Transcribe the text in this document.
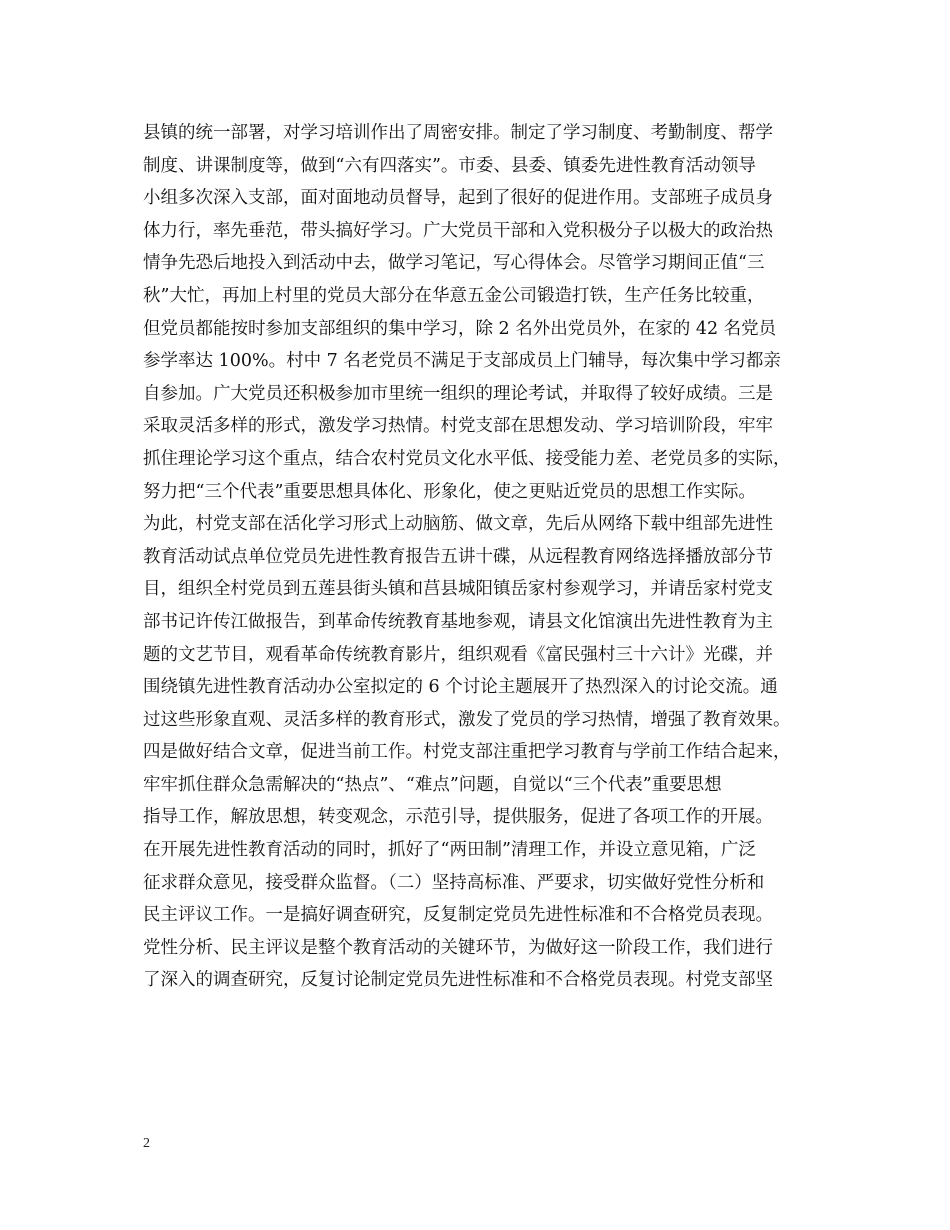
县镇的统一部署，对学习培训作出了周密安排。制定了学习制度、考勤制度、帮学
制度、讲课制度等，做到“六有四落实”。市委、县委、镇委先进性教育活动领导
小组多次深入支部，面对面地动员督导，起到了很好的促进作用。支部班子成员身
体力行，率先垂范，带头搞好学习。广大党员干部和入党积极分子以极大的政治热
情争先恐后地投入到活动中去，做学习笔记，写心得体会。尽管学习期间正值“三
秋”大忙，再加上村里的党员大部分在华意五金公司锻造打铁，生产任务比较重，
但党员都能按时参加支部组织的集中学习，除 2 名外出党员外，在家的 42 名党员
参学率达 100%。村中 7 名老党员不满足于支部成员上门辅导，每次集中学习都亲
自参加。广大党员还积极参加市里统一组织的理论考试，并取得了较好成绩。三是
采取灵活多样的形式，激发学习热情。村党支部在思想发动、学习培训阶段，牢牢
抓住理论学习这个重点，结合农村党员文化水平低、接受能力差、老党员多的实际，
努力把“三个代表”重要思想具体化、形象化，使之更贴近党员的思想工作实际。
为此，村党支部在活化学习形式上动脑筋、做文章，先后从网络下载中组部先进性
教育活动试点单位党员先进性教育报告五讲十碟，从远程教育网络选择播放部分节
目，组织全村党员到五莲县街头镇和莒县城阳镇岳家村参观学习，并请岳家村党支
部书记许传江做报告，到革命传统教育基地参观，请县文化馆演出先进性教育为主
题的文艺节目，观看革命传统教育影片，组织观看《富民强村三十六计》光碟，并
围绕镇先进性教育活动办公室拟定的 6 个讨论主题展开了热烈深入的讨论交流。通
过这些形象直观、灵活多样的教育形式，激发了党员的学习热情，增强了教育效果。
四是做好结合文章，促进当前工作。村党支部注重把学习教育与学前工作结合起来，
牢牢抓住群众急需解决的“热点”、“难点”问题，自觉以“三个代表”重要思想
指导工作，解放思想，转变观念，示范引导，提供服务，促进了各项工作的开展。
在开展先进性教育活动的同时，抓好了“两田制”清理工作，并设立意见箱，广泛
征求群众意见，接受群众监督。（二）坚持高标准、严要求，切实做好党性分析和
民主评议工作。一是搞好调查研究，反复制定党员先进性标准和不合格党员表现。
党性分析、民主评议是整个教育活动的关键环节，为做好这一阶段工作，我们进行
了深入的调查研究，反复讨论制定党员先进性标准和不合格党员表现。村党支部坚
2
